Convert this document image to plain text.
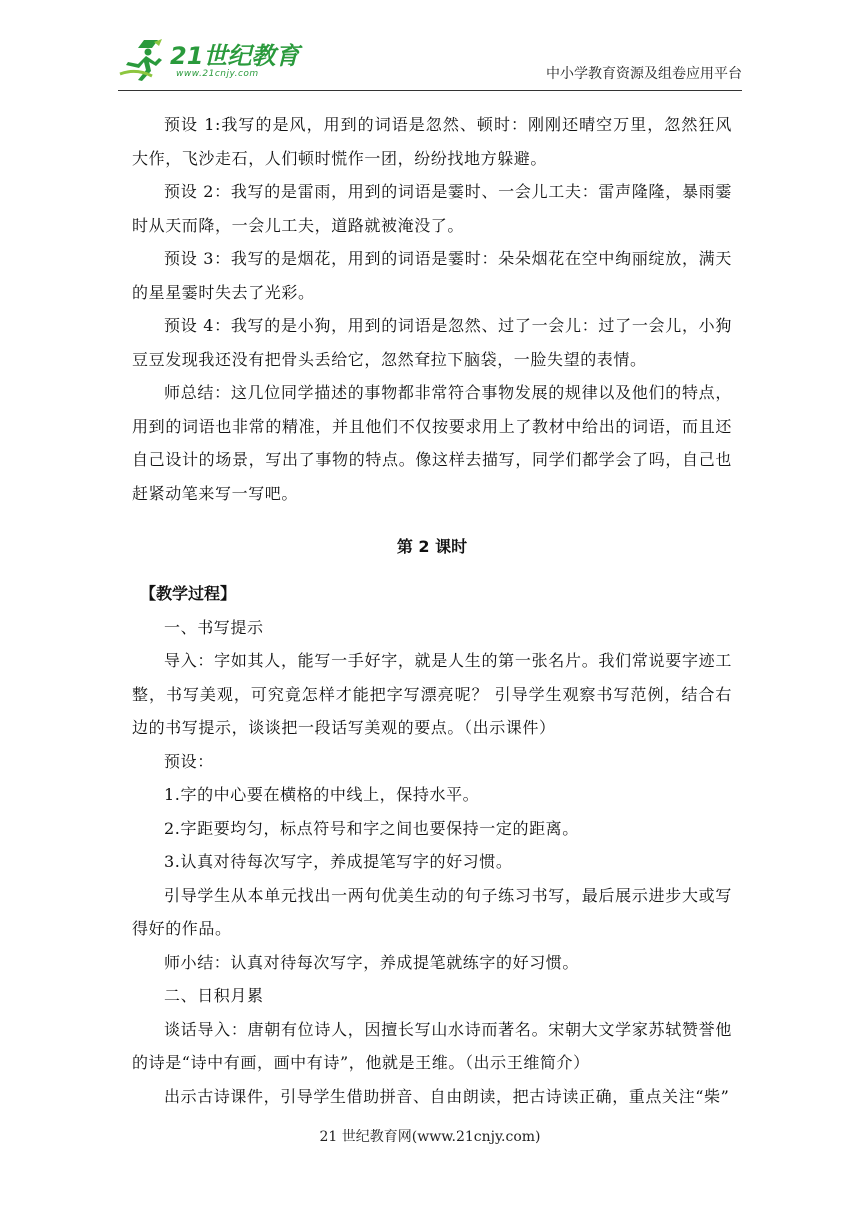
21世纪教育
www.21cnjy.com	中小学教育资源及组卷应用平台

预设 1:我写的是风，用到的词语是忽然、顿时：刚刚还晴空万里，忽然狂风大作，飞沙走石，人们顿时慌作一团，纷纷找地方躲避。

预设 2：我写的是雷雨，用到的词语是霎时、一会儿工夫：雷声隆隆，暴雨霎时从天而降，一会儿工夫，道路就被淹没了。

预设 3：我写的是烟花，用到的词语是霎时：朵朵烟花在空中绚丽绽放，满天的星星霎时失去了光彩。

预设 4：我写的是小狗，用到的词语是忽然、过了一会儿：过了一会儿，小狗豆豆发现我还没有把骨头丢给它，忽然耷拉下脑袋，一脸失望的表情。

师总结：这几位同学描述的事物都非常符合事物发展的规律以及他们的特点，用到的词语也非常的精准，并且他们不仅按要求用上了教材中给出的词语，而且还自己设计的场景，写出了事物的特点。像这样去描写，同学们都学会了吗，自己也赶紧动笔来写一写吧。

第 2 课时

【教学过程】

一、书写提示

导入：字如其人，能写一手好字，就是人生的第一张名片。我们常说要字迹工整，书写美观，可究竟怎样才能把字写漂亮呢？ 引导学生观察书写范例，结合右边的书写提示，谈谈把一段话写美观的要点。（出示课件）

预设：

1.字的中心要在横格的中线上，保持水平。

2.字距要均匀，标点符号和字之间也要保持一定的距离。

3.认真对待每次写字，养成提笔写字的好习惯。

引导学生从本单元找出一两句优美生动的句子练习书写，最后展示进步大或写得好的作品。

师小结：认真对待每次写字，养成提笔就练字的好习惯。

二、日积月累

谈话导入：唐朝有位诗人，因擅长写山水诗而著名。宋朝大文学家苏轼赞誉他的诗是“诗中有画，画中有诗”，他就是王维。（出示王维简介）

出示古诗课件，引导学生借助拼音、自由朗读，把古诗读正确，重点关注“柴”

21 世纪教育网(www.21cnjy.com)
